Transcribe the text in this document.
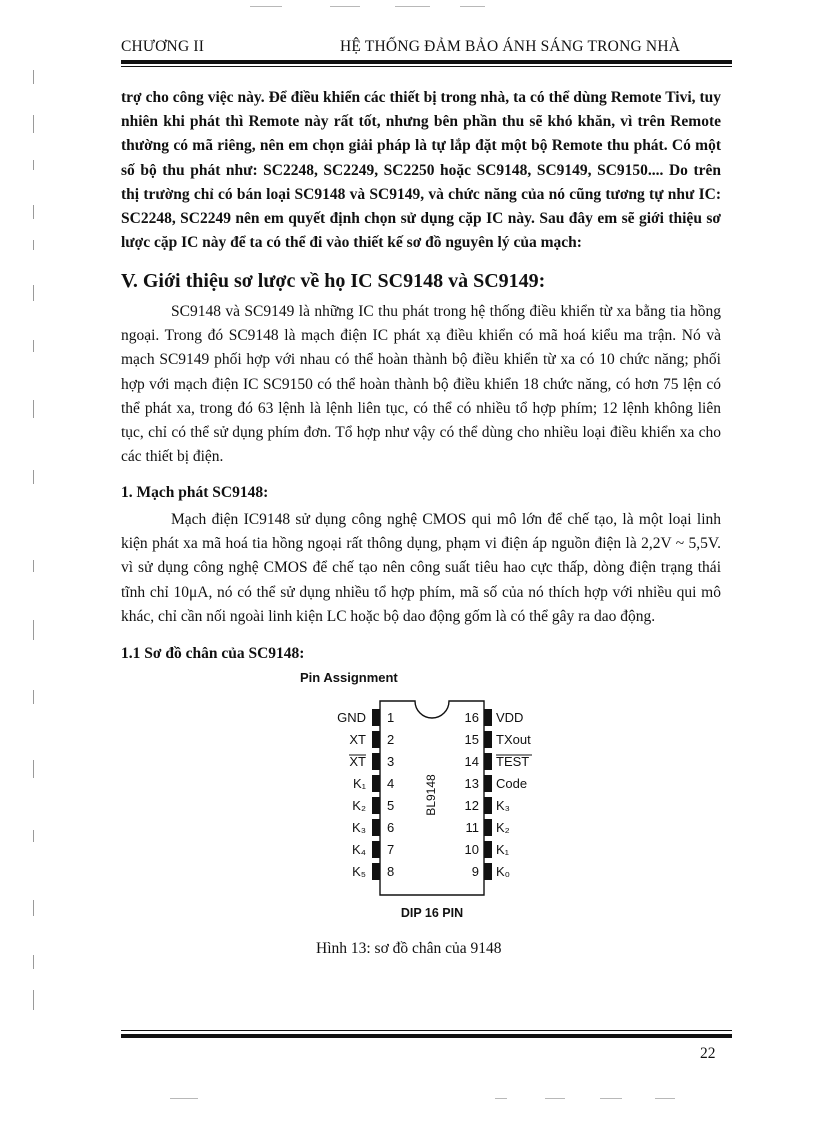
CHƯƠNG II	HỆ THỐNG ĐẢM BẢO ÁNH SÁNG TRONG NHÀ

trợ cho công việc này. Để điều khiển các thiết bị trong nhà, ta có thể dùng Remote Tivi, tuy nhiên khi phát thì Remote này rất tốt, nhưng bên phần thu sẽ khó khăn, vì trên Remote thường có mã riêng, nên em chọn giải pháp là tự lắp đặt một bộ Remote thu phát. Có một số bộ thu phát như: SC2248, SC2249, SC2250 hoặc SC9148, SC9149, SC9150.... Do trên thị trường chỉ có bán loại SC9148 và SC9149, và chức năng của nó cũng tương tự như IC: SC2248, SC2249 nên em quyết định chọn sử dụng cặp IC này. Sau đây em sẽ giới thiệu sơ lược cặp IC này để ta có thể đi vào thiết kế sơ đồ nguyên lý của mạch:

V. Giới thiệu sơ lược về họ IC SC9148 và SC9149:

SC9148 và SC9149 là những IC thu phát trong hệ thống điều khiển từ xa bằng tia hồng ngoại. Trong đó SC9148 là mạch điện IC phát xạ điều khiển có mã hoá kiểu ma trận. Nó và mạch SC9149 phối hợp với nhau có thể hoàn thành bộ điều khiển từ xa có 10 chức năng; phối hợp với mạch điện IC SC9150 có thể hoàn thành bộ điều khiển 18 chức năng, có hơn 75 lện có thể phát xa, trong đó 63 lệnh là lệnh liên tục, có thể có nhiều tổ hợp phím; 12 lệnh không liên tục, chỉ có thể sử dụng phím đơn. Tổ hợp như vậy có thể dùng cho nhiều loại điều khiển xa cho các thiết bị điện.

1. Mạch phát SC9148:

Mạch điện IC9148 sử dụng công nghệ CMOS qui mô lớn để chế tạo, là một loại linh kiện phát xa mã hoá tia hồng ngoại rất thông dụng, phạm vi điện áp nguồn điện là 2,2V ~ 5,5V. vì sử dụng công nghệ CMOS để chế tạo nên công suất tiêu hao cực thấp, dòng điện trạng thái tĩnh chỉ 10μA, nó có thể sử dụng nhiều tổ hợp phím, mã số của nó thích hợp với nhiều qui mô khác, chỉ cần nối ngoài linh kiện LC hoặc bộ dao động gốm là có thể gây ra dao động.

1.1 Sơ đồ chân của SC9148:
Pin Assignment
1
2
3
4
5
6
7
8
16
15
14
13
12
11
10
9
GND
XT
XT
K₁
K₂
K₃
K₄
K₅
VDD
TXout
TEST
Code
K₃
K₂
K₁
K₀
BL9148
DIP 16 PIN
Hình 13: sơ đồ chân của 9148
22
